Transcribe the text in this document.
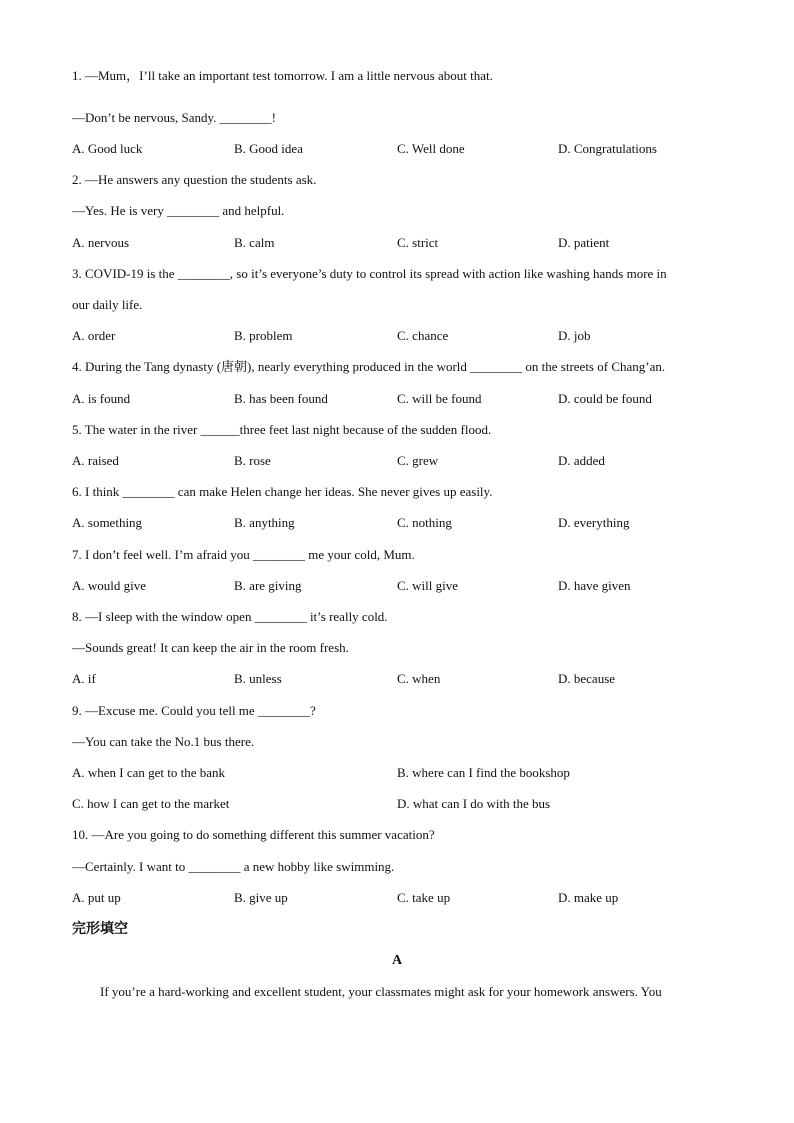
1. —Mum，I’ll take an important test tomorrow. I am a little nervous about that.
—Don’t be nervous, Sandy. ________!
A. Good luck	B. Good idea	C. Well done	D. Congratulations
2. —He answers any question the students ask.
—Yes. He is very ________ and helpful.
A. nervous	B. calm	C. strict	D. patient
3. COVID-19 is the ________, so it’s everyone’s duty to control its spread with action like washing hands more in
our daily life.
A. order	B. problem	C. chance	D. job
4. During the Tang dynasty (唐朝), nearly everything produced in the world ________ on the streets of Chang’an.
A. is found	B. has been found	C. will be found	D. could be found
5. The water in the river ______three feet last night because of the sudden flood.
A. raised	B. rose	C. grew	D. added
6. I think ________ can make Helen change her ideas. She never gives up easily.
A. something	B. anything	C. nothing	D. everything
7. I don’t feel well. I’m afraid you ________ me your cold, Mum.
A. would give	B. are giving	C. will give	D. have given
8. —I sleep with the window open ________ it’s really cold.
—Sounds great! It can keep the air in the room fresh.
A. if	B. unless	C. when	D. because
9. —Excuse me. Could you tell me ________?
—You can take the No.1 bus there.
A. when I can get to the bank	B. where can I find the bookshop
C. how I can get to the market	D. what can I do with the bus
10. —Are you going to do something different this summer vacation?
—Certainly. I want to ________ a new hobby like swimming.
A. put up	B. give up	C. take up	D. make up
完形填空
A
If you’re a hard-working and excellent student, your classmates might ask for your homework answers. You
